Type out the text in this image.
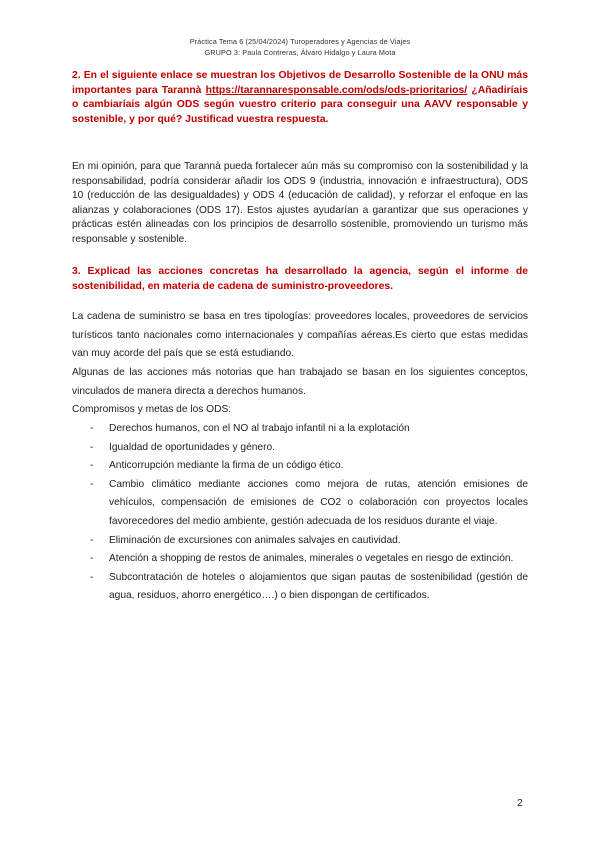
Práctica Tema 6 (25/04/2024) Turoperadores y Agencias de Viajes
GRUPO 3: Paula Contreras, Álvaro Hidalgo y Laura Mota
2. En el siguiente enlace se muestran los Objetivos de Desarrollo Sostenible de la ONU más importantes para Tarannà https://tarannaresponsable.com/ods/ods-prioritarios/ ¿Añadiríais o cambiaríais algún ODS según vuestro criterio para conseguir una AAVV responsable y sostenible, y por qué? Justificad vuestra respuesta.
En mi opinión, para que Tarannà pueda fortalecer aún más su compromiso con la sostenibilidad y la responsabilidad, podría considerar añadir los ODS 9 (industria, innovación e infraestructura), ODS 10 (reducción de las desigualdades) y ODS 4 (educación de calidad), y reforzar el enfoque en las alianzas y colaboraciones (ODS 17). Estos ajustes ayudarían a garantizar que sus operaciones y prácticas estén alineadas con los principios de desarrollo sostenible, promoviendo un turismo más responsable y sostenible.
3. Explicad las acciones concretas ha desarrollado la agencia, según el informe de sostenibilidad, en materia de cadena de suministro-proveedores.
La cadena de suministro se basa en tres tipologías: proveedores locales, proveedores de servicios turísticos tanto nacionales como internacionales y compañías aéreas.Es cierto que estas medidas van muy acorde del país que se está estudiando.
Algunas de las acciones más notorias que han trabajado se basan en los siguientes conceptos, vinculados de manera directa a derechos humanos.
Compromisos y metas de los ODS:
- Derechos humanos, con el NO al trabajo infantil ni a la explotación
- Igualdad de oportunidades y género.
- Anticorrupción mediante la firma de un código ético.
- Cambio climático mediante acciones como mejora de rutas, atención emisiones de vehículos, compensación de emisiones de CO2 o colaboración con proyectos locales favorecedores del medio ambiente, gestión adecuada de los residuos durante el viaje.
- Eliminación de excursiones con animales salvajes en cautividad.
- Atención a shopping de restos de animales, minerales o vegetales en riesgo de extinción.
- Subcontratación de hoteles o alojamientos que sigan pautas de sostenibilidad (gestión de agua, residuos, ahorro energético….) o bien dispongan de certificados.
2
